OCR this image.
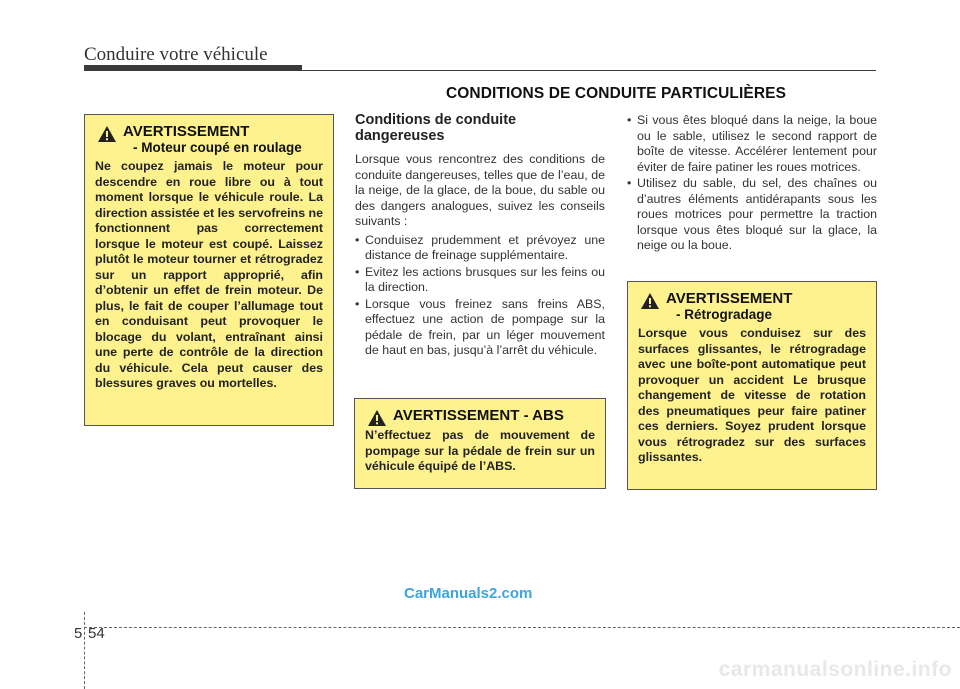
Conduire votre véhicule
CONDITIONS DE CONDUITE PARTICULIÈRES
AVERTISSEMENT
- Moteur coupé en roulage
Ne coupez jamais le moteur pour descendre en roue libre ou à tout moment lorsque le véhicule roule. La direction assistée et les servofreins ne fonctionnent pas correctement lorsque le moteur est coupé. Laissez plutôt le moteur tourner et rétrogradez sur un rapport approprié, afin d’obtenir un effet de frein moteur. De plus, le fait de couper l’allumage tout en conduisant peut provoquer le blocage du volant, entraînant ainsi une perte de contrôle de la direction du véhicule. Cela peut causer des blessures graves ou mortelles.
Conditions de conduite dangereuses
Lorsque vous rencontrez des conditions de conduite dangereuses, telles que de l’eau, de la neige, de la glace, de la boue, du sable ou des dangers analogues, suivez les conseils suivants :
• Conduisez prudemment et prévoyez une distance de freinage supplémentaire.
• Evitez les actions brusques sur les feins ou la direction.
• Lorsque vous freinez sans freins ABS, effectuez une action de pompage sur la pédale de frein, par un léger mouvement de haut en bas, jusqu’à l’arrêt du véhicule.
AVERTISSEMENT - ABS
N’effectuez pas de mouvement de pompage sur la pédale de frein sur un véhicule équipé de l’ABS.
• Si vous êtes bloqué dans la neige, la boue ou le sable, utilisez le second rapport de boîte de vitesse. Accélérer lentement pour éviter de faire patiner les roues motrices.
• Utilisez du sable, du sel, des chaînes ou d’autres éléments antidérapants sous les roues motrices pour permettre la traction lorsque vous êtes bloqué sur la glace, la neige ou la boue.
AVERTISSEMENT
- Rétrogradage
Lorsque vous conduisez sur des surfaces glissantes, le rétrogradage avec une boîte-pont automatique peut provoquer un accident Le brusque changement de vitesse de rotation des pneumatiques peur faire patiner ces derniers. Soyez prudent lorsque vous rétrogradez sur des surfaces glissantes.
CarManuals2.com
5 54
carmanualsonline.info
